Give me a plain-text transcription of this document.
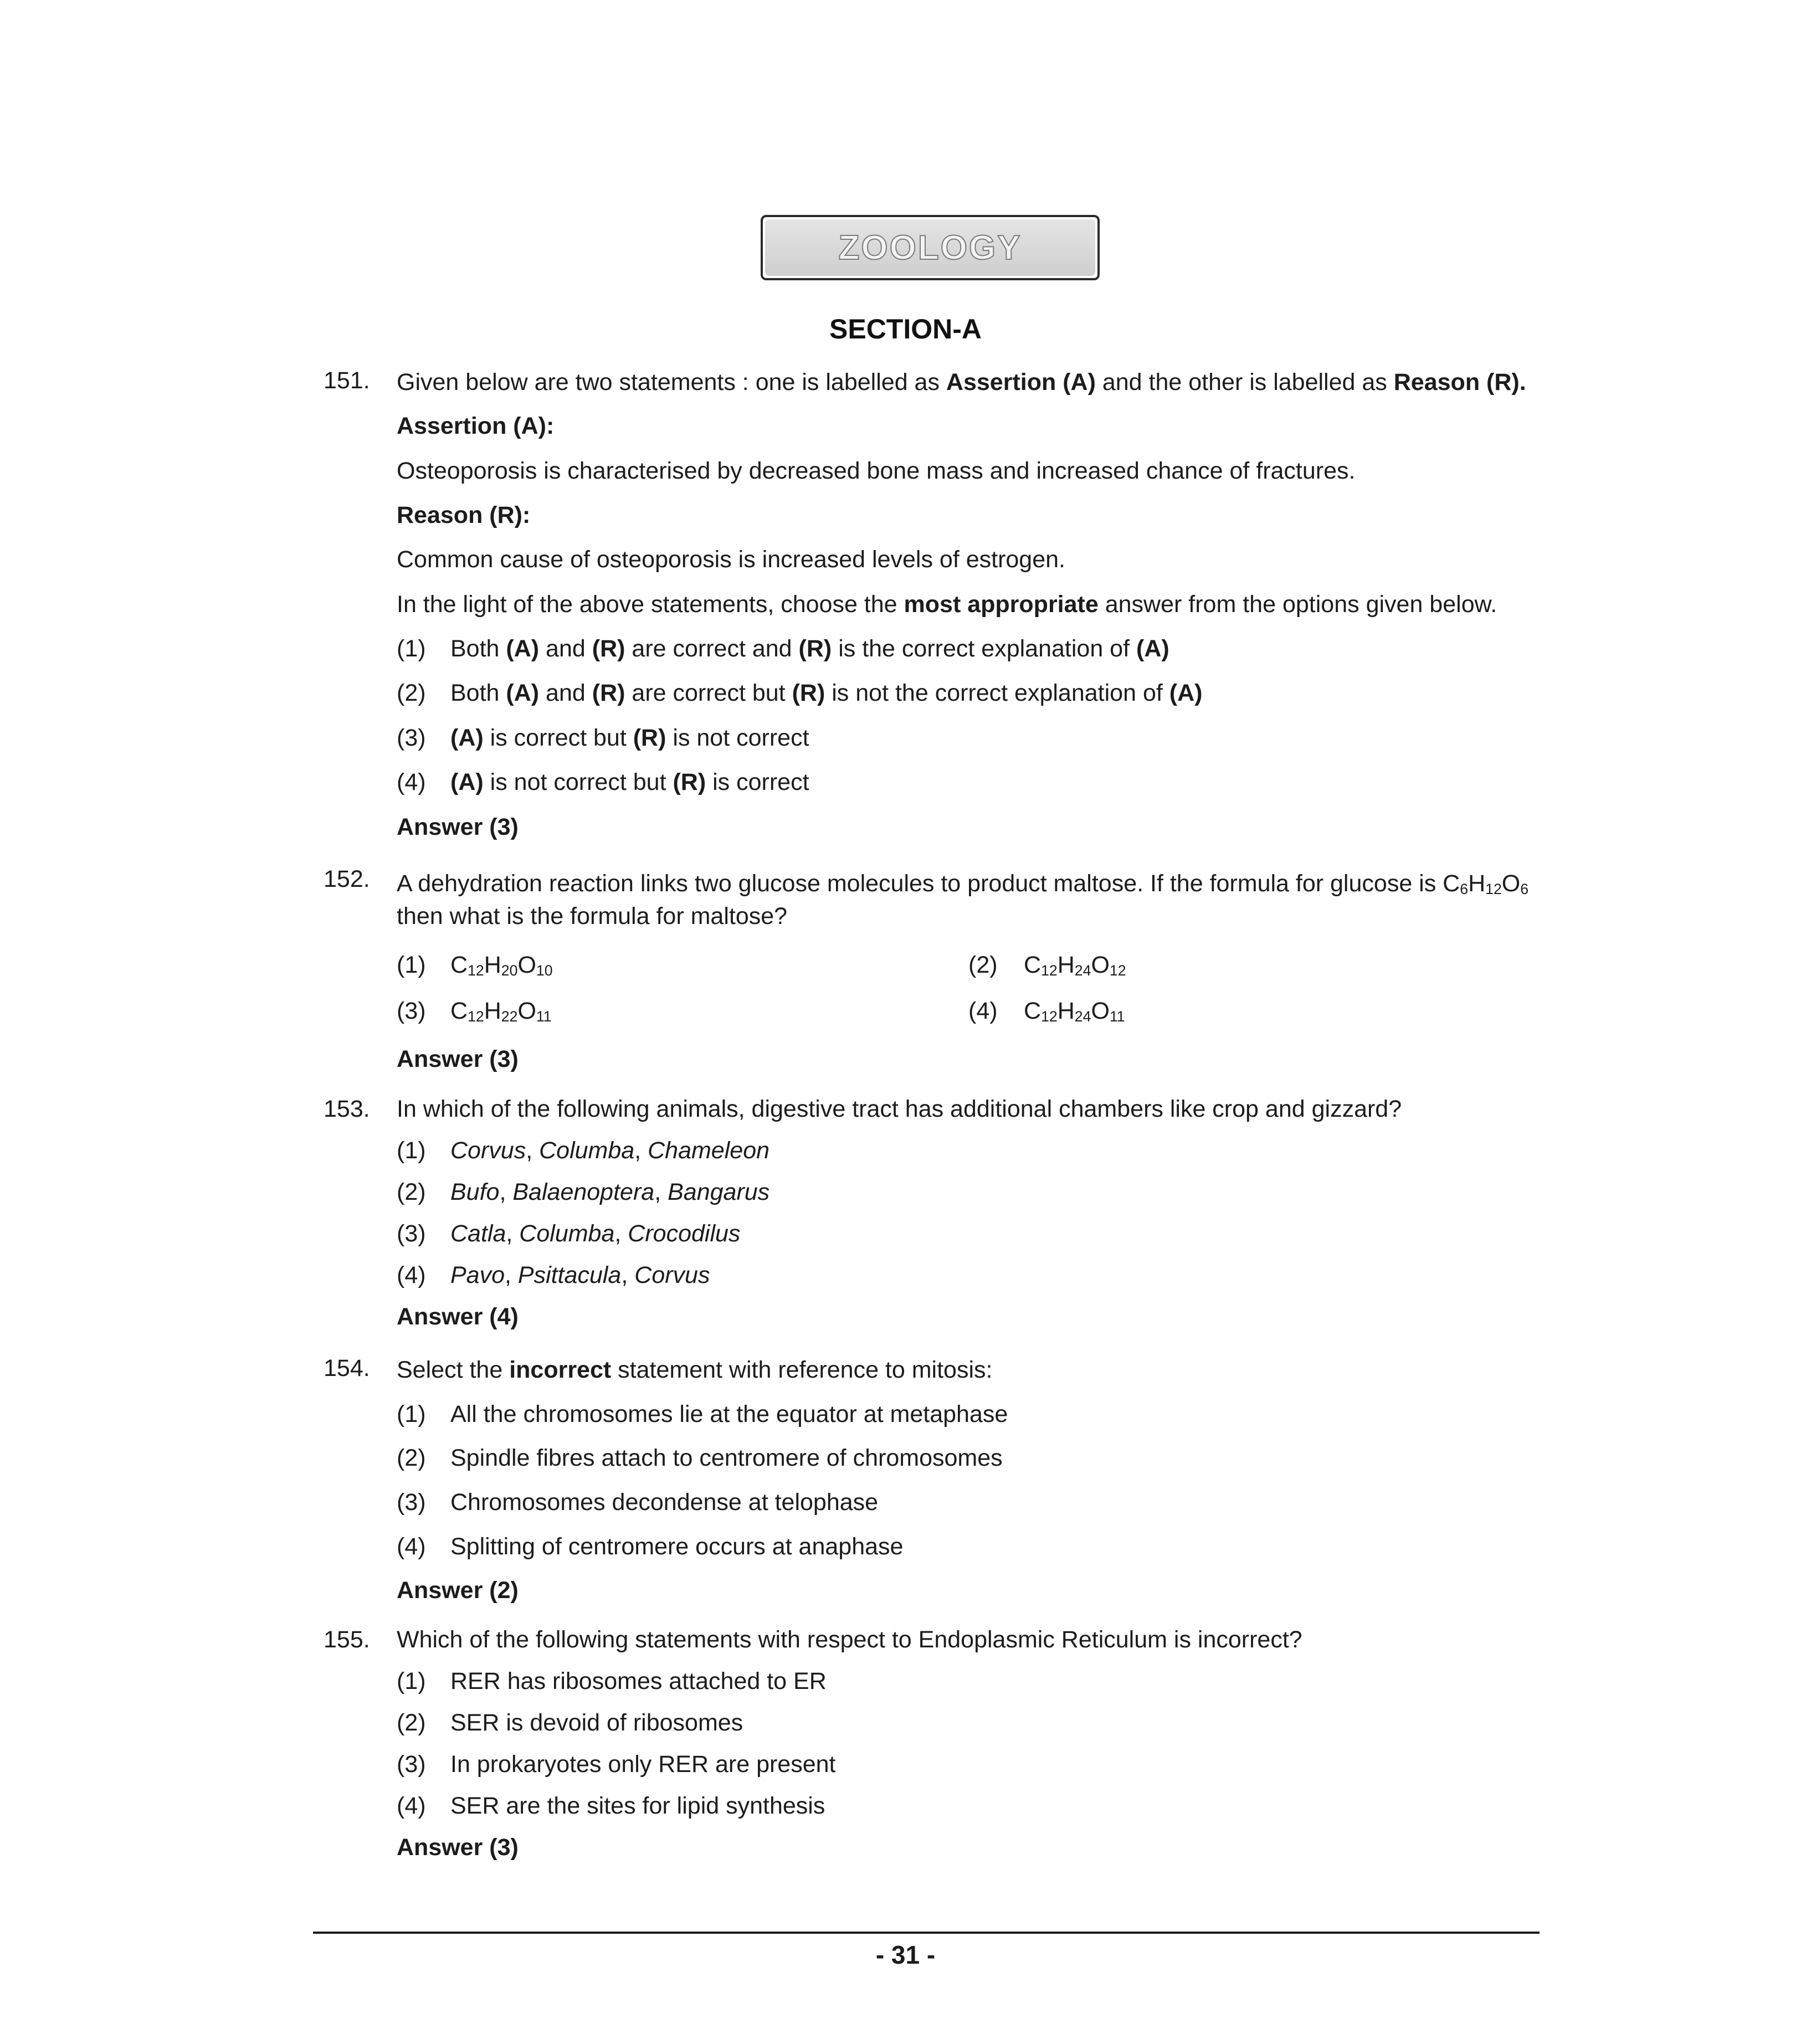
ZOOLOGY
SECTION-A
151. Given below are two statements : one is labelled as Assertion (A) and the other is labelled as Reason (R).
Assertion (A):
Osteoporosis is characterised by decreased bone mass and increased chance of fractures.
Reason (R):
Common cause of osteoporosis is increased levels of estrogen.
In the light of the above statements, choose the most appropriate answer from the options given below.
(1) Both (A) and (R) are correct and (R) is the correct explanation of (A)
(2) Both (A) and (R) are correct but (R) is not the correct explanation of (A)
(3) (A) is correct but (R) is not correct
(4) (A) is not correct but (R) is correct
Answer (3)
152. A dehydration reaction links two glucose molecules to product maltose. If the formula for glucose is $C_6H_{12}O_6$
then what is the formula for maltose?
(1) $C_{12}H_{20}O_{10}$	(2) $C_{12}H_{24}O_{12}$
(3) $C_{12}H_{22}O_{11}$	(4) $C_{12}H_{24}O_{11}$
Answer (3)
153. In which of the following animals, digestive tract has additional chambers like crop and gizzard?
(1) Corvus, Columba, Chameleon
(2) Bufo, Balaenoptera, Bangarus
(3) Catla, Columba, Crocodilus
(4) Pavo, Psittacula, Corvus
Answer (4)
154. Select the incorrect statement with reference to mitosis:
(1) All the chromosomes lie at the equator at metaphase
(2) Spindle fibres attach to centromere of chromosomes
(3) Chromosomes decondense at telophase
(4) Splitting of centromere occurs at anaphase
Answer (2)
155. Which of the following statements with respect to Endoplasmic Reticulum is incorrect?
(1) RER has ribosomes attached to ER
(2) SER is devoid of ribosomes
(3) In prokaryotes only RER are present
(4) SER are the sites for lipid synthesis
Answer (3)
- 31 -
